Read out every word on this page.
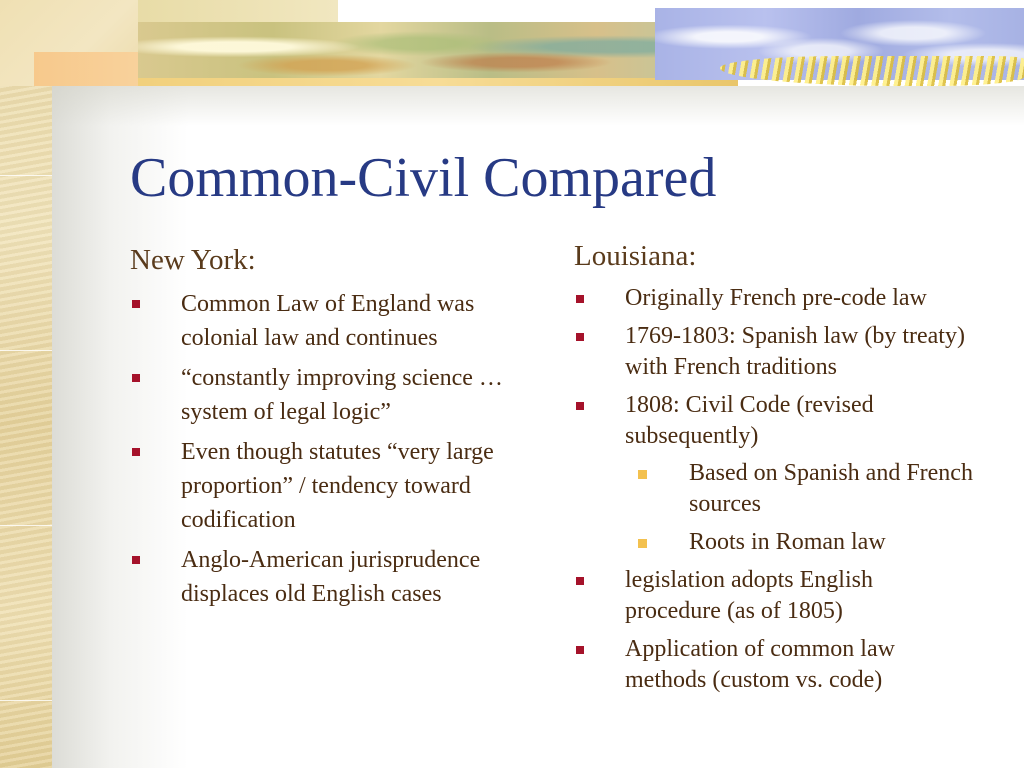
Common-Civil Compared
New York:
Common Law of England was colonial law and continues
“constantly improving science … system of legal logic”
Even though statutes “very large proportion” / tendency toward codification
Anglo-American jurisprudence displaces old English cases
Louisiana:
Originally French pre-code law
1769-1803: Spanish law (by treaty) with French traditions
1808: Civil Code (revised subsequently)
Based on Spanish and French sources
Roots in Roman law
legislation adopts English procedure (as of 1805)
Application of common law methods (custom vs. code)
